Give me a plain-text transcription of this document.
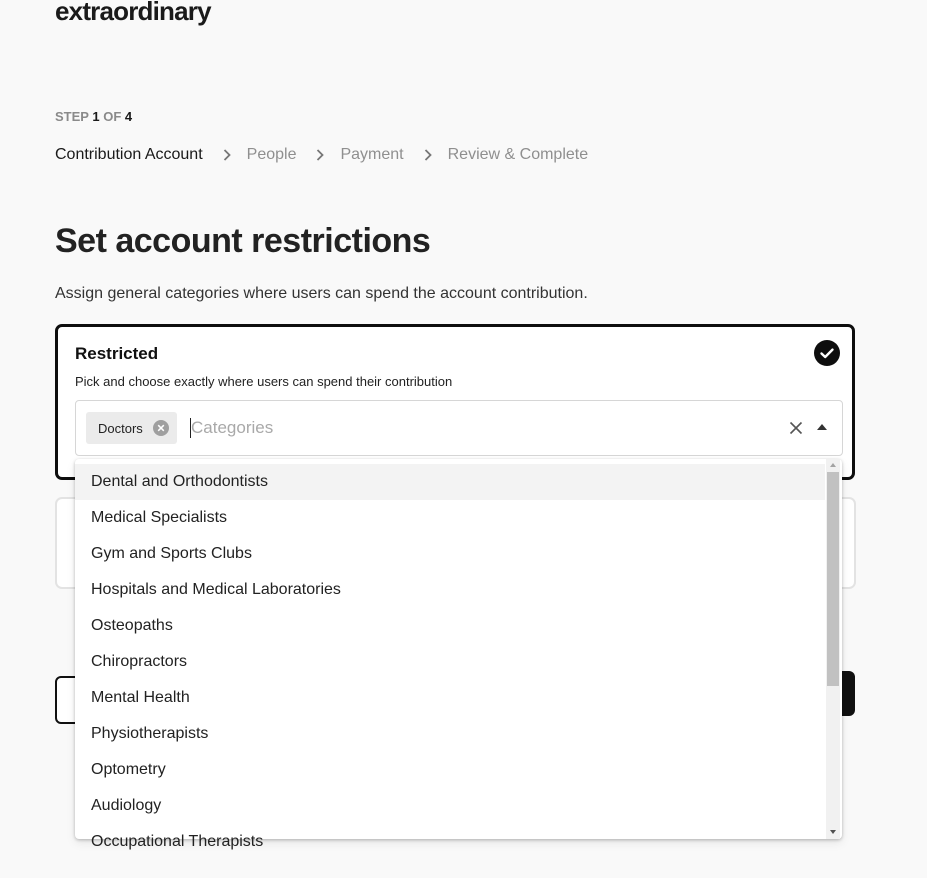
extraordinary
STEP 1 OF 4
Contribution Account	People	Payment	Review & Complete
Set account restrictions
Assign general categories where users can spend the account contribution.
Restricted
Pick and choose exactly where users can spend their contribution
Doctors
Categories
Dental and Orthodontists
Medical Specialists
Gym and Sports Clubs
Hospitals and Medical Laboratories
Osteopaths
Chiropractors
Mental Health
Physiotherapists
Optometry
Audiology
Occupational Therapists
